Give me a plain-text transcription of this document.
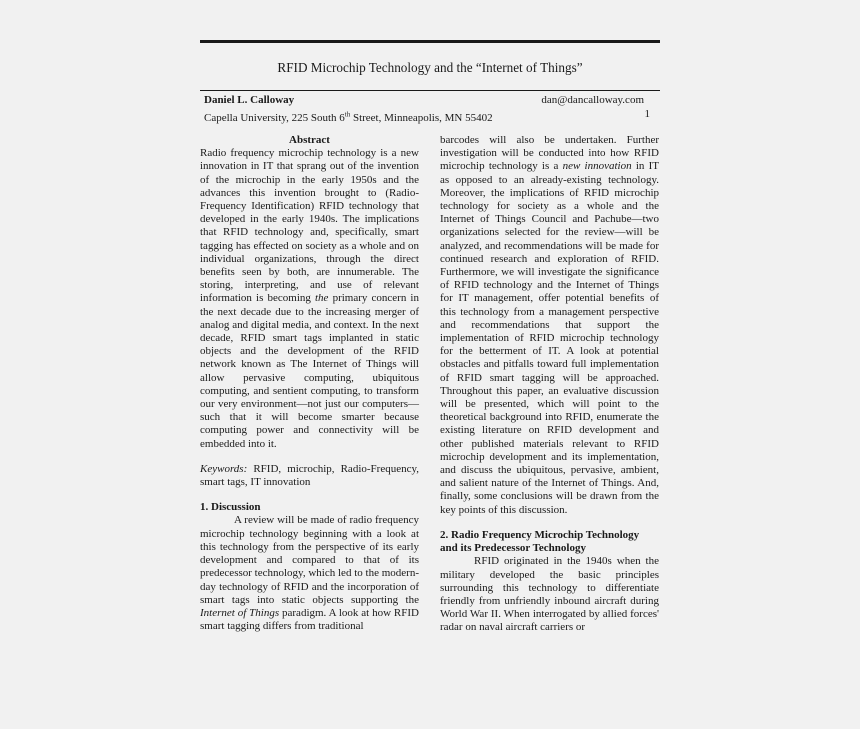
RFID Microchip Technology and the “Internet of Things”
Daniel L. Calloway	dan@dancalloway.com
Capella University, 225 South 6th Street, Minneapolis, MN 55402	1

Abstract

Radio frequency microchip technology is a new innovation in IT that sprang out of the invention of the microchip in the early 1950s and the advances this invention brought to (Radio-Frequency Identification) RFID technology that developed in the early 1940s. The implications that RFID technology and, specifically, smart tagging has effected on society as a whole and on individual organizations, through the direct benefits seen by both, are innumerable. The storing, interpreting, and use of relevant information is becoming the primary concern in the next decade due to the increasing merger of analog and digital media, and context. In the next decade, RFID smart tags implanted in static objects and the development of the RFID network known as The Internet of Things will allow pervasive computing, ubiquitous computing, and sentient computing, to transform our very environment—not just our computers—such that it will become smarter because computing power and connectivity will be embedded into it.

Keywords: RFID, microchip, Radio-Frequency, smart tags, IT innovation

1. Discussion

A review will be made of radio frequency microchip technology beginning with a look at this technology from the perspective of its early development and compared to that of its predecessor technology, which led to the modern-day technology of RFID and the incorporation of smart tags into static objects supporting the Internet of Things paradigm. A look at how RFID smart tagging differs from traditional

barcodes will also be undertaken. Further investigation will be conducted into how RFID microchip technology is a new innovation in IT as opposed to an already-existing technology. Moreover, the implications of RFID microchip technology for society as a whole and the Internet of Things Council and Pachube—two organizations selected for the review—will be analyzed, and recommendations will be made for continued research and exploration of RFID. Furthermore, we will investigate the significance of RFID technology and the Internet of Things for IT management, offer potential benefits of this technology from a management perspective and recommendations that support the implementation of RFID microchip technology for the betterment of IT. A look at potential obstacles and pitfalls toward full implementation of RFID smart tagging will be approached. Throughout this paper, an evaluative discussion will be presented, which will point to the theoretical background into RFID, enumerate the existing literature on RFID development and other published materials relevant to RFID microchip development and its implementation, and discuss the ubiquitous, pervasive, ambient, and salient nature of the Internet of Things. And, finally, some conclusions will be drawn from the key points of this discussion.

2. Radio Frequency Microchip Technology and its Predecessor Technology

RFID originated in the 1940s when the military developed the basic principles surrounding this technology to differentiate friendly from unfriendly inbound aircraft during World War II. When interrogated by allied forces' radar on naval aircraft carriers or
